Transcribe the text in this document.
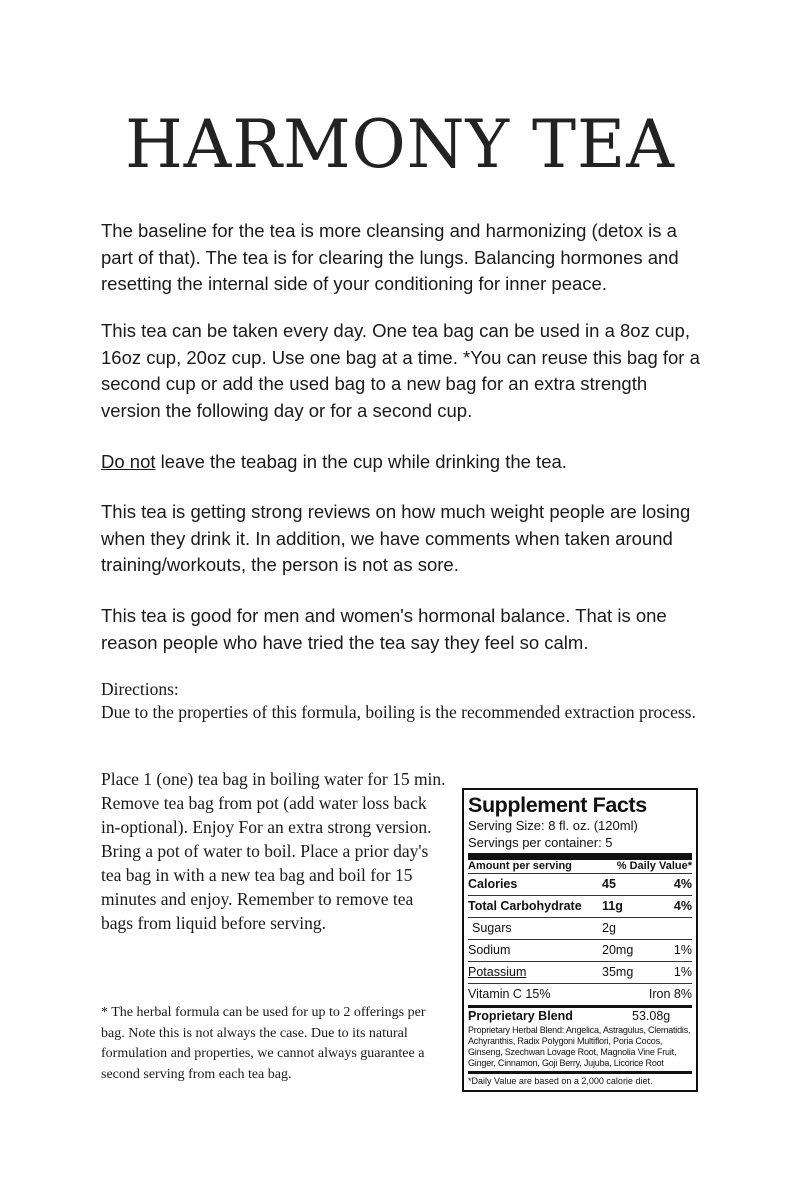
HARMONY TEA

The baseline for the tea is more cleansing and harmonizing (detox is a part of that). The tea is for clearing the lungs. Balancing hormones and resetting the internal side of your conditioning for inner peace.

This tea can be taken every day. One tea bag can be used in a 8oz cup, 16oz cup, 20oz cup. Use one bag at a time. *You can reuse this bag for a second cup or add the used bag to a new bag for an extra strength version the following day or for a second cup.

Do not leave the teabag in the cup while drinking the tea.

This tea is getting strong reviews on how much weight people are losing when they drink it. In addition, we have comments when taken around training/workouts, the person is not as sore.

This tea is good for men and women's hormonal balance. That is one reason people who have tried the tea say they feel so calm.

Directions:
Due to the properties of this formula, boiling is the recommended extraction process.
Place 1 (one) tea bag in boiling water for 15 min. Remove tea bag from pot (add water loss back in-optional). Enjoy For an extra strong version. Bring a pot of water to boil. Place a prior day's tea bag in with a new tea bag and boil for 15 minutes and enjoy. Remember to remove tea bags from liquid before serving.
* The herbal formula can be used for up to 2 offerings per bag. Note this is not always the case. Due to its natural formulation and properties, we cannot always guarantee a second serving from each tea bag.
Supplement Facts
Serving Size: 8 fl. oz. (120ml)
Servings per container: 5
Amount per serving	% Daily Value*
Calories	45	4%
Total Carbohydrate	11g	4%
Sugars	2g
Sodium	20mg	1%
Potassium	35mg	1%
Vitamin C 15%	Iron 8%
Proprietary Blend	53.08g
Proprietary Herbal Blend: Angelica, Astragulus, Clematidis, Achyranthis, Radix Polygoni Multiflori, Poria Cocos, Ginseng, Szechwan Lovage Root, Magnolia Vine Fruit, Ginger, Cinnamon, Goji Berry, Jujuba, Licorice Root
*Daily Value are based on a 2,000 calorie diet.
